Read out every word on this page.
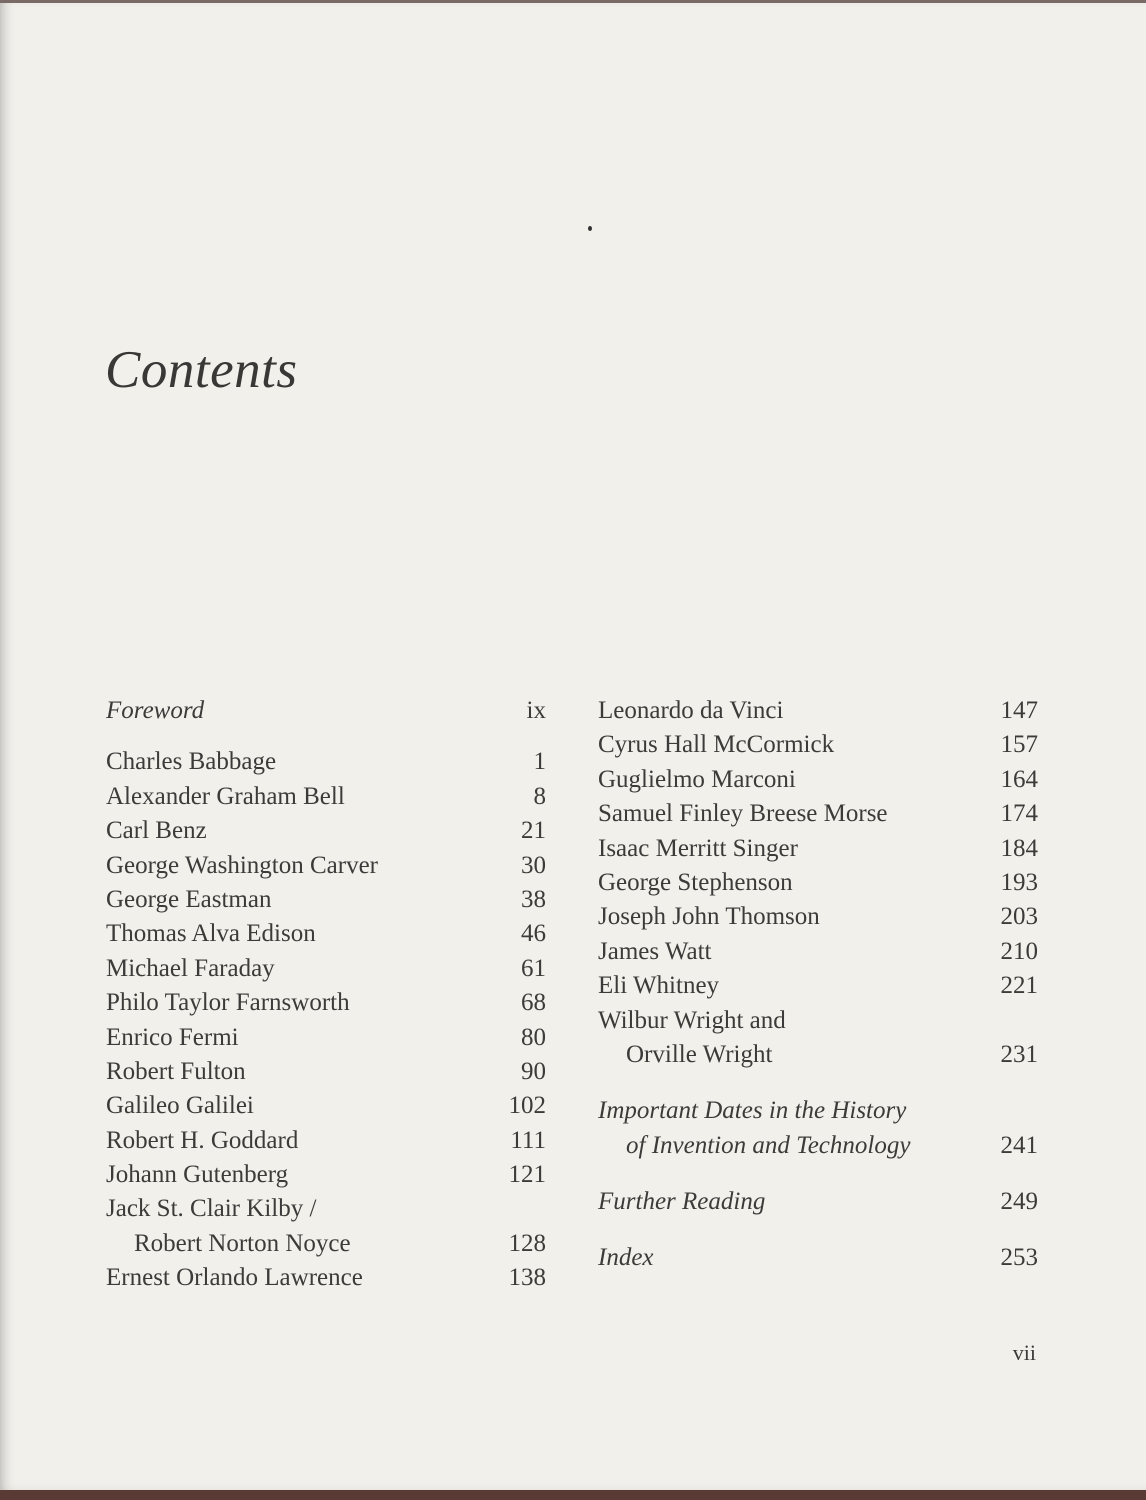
Contents
Foreword	ix
Charles Babbage	1
Alexander Graham Bell	8
Carl Benz	21
George Washington Carver	30
George Eastman	38
Thomas Alva Edison	46
Michael Faraday	61
Philo Taylor Farnsworth	68
Enrico Fermi	80
Robert Fulton	90
Galileo Galilei	102
Robert H. Goddard	111
Johann Gutenberg	121
Jack St. Clair Kilby /
Robert Norton Noyce	128
Ernest Orlando Lawrence	138
Leonardo da Vinci	147
Cyrus Hall McCormick	157
Guglielmo Marconi	164
Samuel Finley Breese Morse	174
Isaac Merritt Singer	184
George Stephenson	193
Joseph John Thomson	203
James Watt	210
Eli Whitney	221
Wilbur Wright and
Orville Wright	231
Important Dates in the History
of Invention and Technology	241
Further Reading	249
Index	253
vii
